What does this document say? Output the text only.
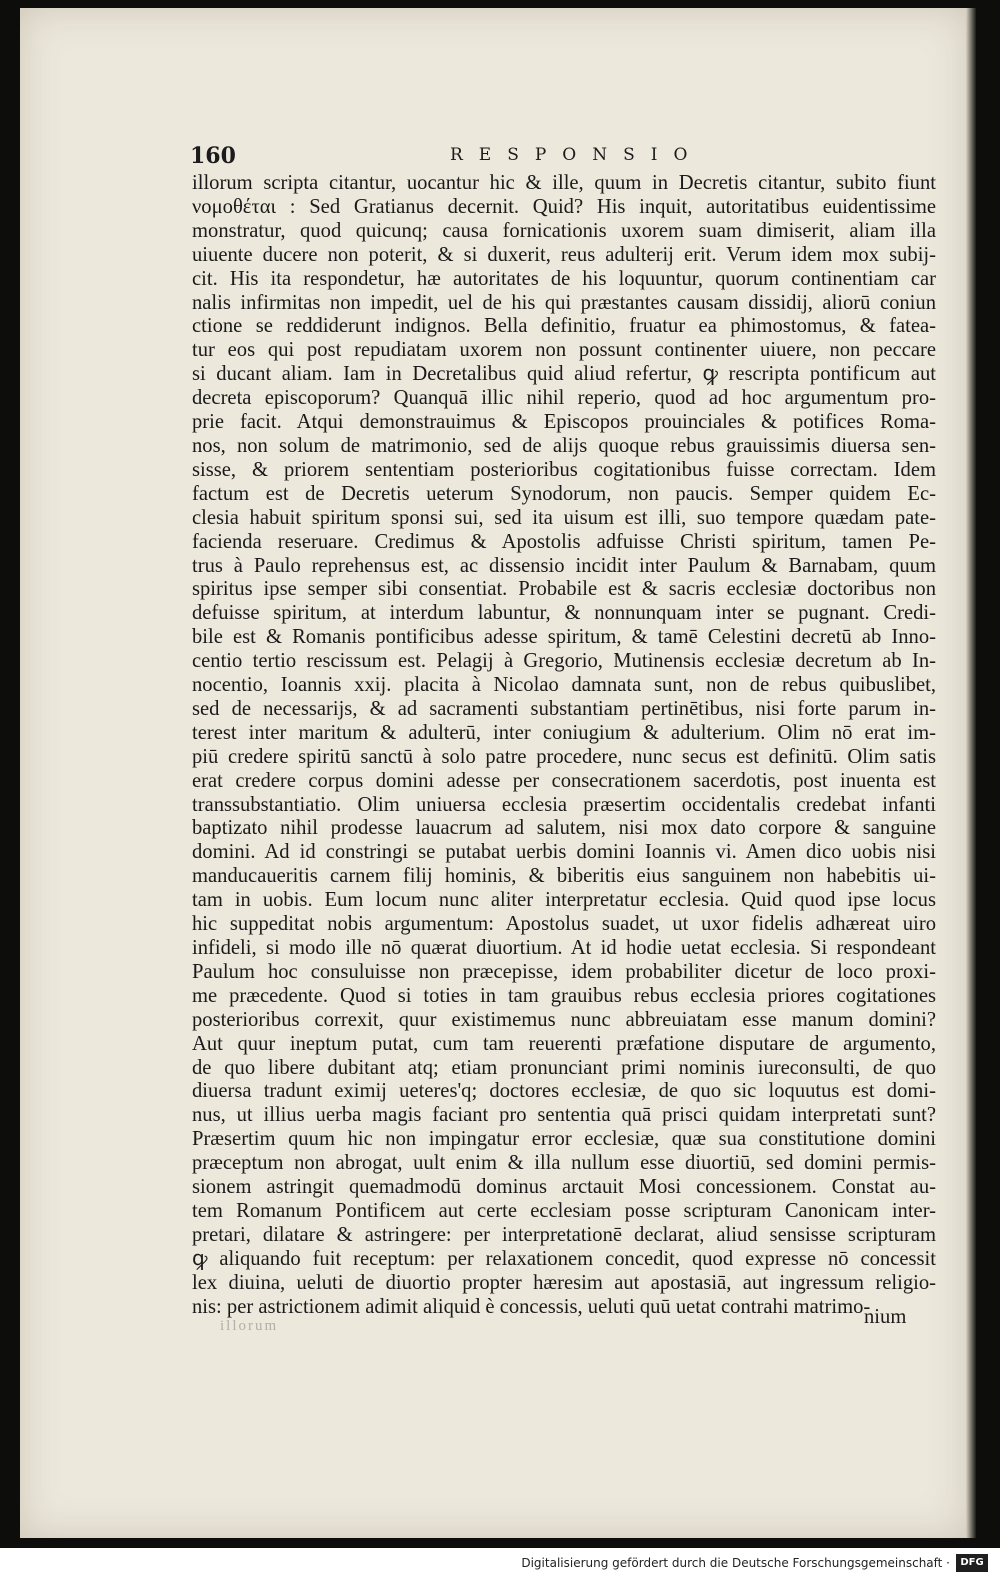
160	RESPONSIO
illorum scripta citantur, uocantur hic & ille, quum in Decretis citantur, subito fiunt
νομοθέται : Sed Gratianus decernit. Quid? His inquit, autoritatibus euidentissime
monstratur, quod quicunq; causa fornicationis uxorem suam dimiserit, aliam illa
uiuente ducere non poterit, & si duxerit, reus adulterij erit. Verum idem mox subij-
cit. His ita respondetur, hæ autoritates de his loquuntur, quorum continentiam car
nalis infirmitas non impedit, uel de his qui præstantes causam dissidij, aliorū coniun
ctione se reddiderunt indignos. Bella definitio, fruatur ea phimostomus, & fatea-
tur eos qui post repudiatam uxorem non possunt continenter uiuere, non peccare
si ducant aliam. Iam in Decretalibus quid aliud refertur, ꝙ rescripta pontificum aut
decreta episcoporum? Quanquā illic nihil reperio, quod ad hoc argumentum pro-
prie facit. Atqui demonstrauimus & Episcopos prouinciales & potifices Roma-
nos, non solum de matrimonio, sed de alijs quoque rebus grauissimis diuersa sen-
sisse, & priorem sententiam posterioribus cogitationibus fuisse correctam. Idem
factum est de Decretis ueterum Synodorum, non paucis. Semper quidem Ec-
clesia habuit spiritum sponsi sui, sed ita uisum est illi, suo tempore quædam pate-
facienda reseruare. Credimus & Apostolis adfuisse Christi spiritum, tamen Pe-
trus à Paulo reprehensus est, ac dissensio incidit inter Paulum & Barnabam, quum
spiritus ipse semper sibi consentiat. Probabile est & sacris ecclesiæ doctoribus non
defuisse spiritum, at interdum labuntur, & nonnunquam inter se pugnant. Credi-
bile est & Romanis pontificibus adesse spiritum, & tamē Celestini decretū ab Inno-
centio tertio rescissum est. Pelagij à Gregorio, Mutinensis ecclesiæ decretum ab In-
nocentio, Ioannis xxij. placita à Nicolao damnata sunt, non de rebus quibuslibet,
sed de necessarijs, & ad sacramenti substantiam pertinētibus, nisi forte parum in-
terest inter maritum & adulterū, inter coniugium & adulterium. Olim nō erat im-
piū credere spiritū sanctū à solo patre procedere, nunc secus est definitū. Olim satis
erat credere corpus domini adesse per consecrationem sacerdotis, post inuenta est
transsubstantiatio. Olim uniuersa ecclesia præsertim occidentalis credebat infanti
baptizato nihil prodesse lauacrum ad salutem, nisi mox dato corpore & sanguine
domini. Ad id constringi se putabat uerbis domini Ioannis vi. Amen dico uobis nisi
manducaueritis carnem filij hominis, & biberitis eius sanguinem non habebitis ui-
tam in uobis. Eum locum nunc aliter interpretatur ecclesia. Quid quod ipse locus
hic suppeditat nobis argumentum: Apostolus suadet, ut uxor fidelis adhæreat uiro
infideli, si modo ille nō quærat diuortium. At id hodie uetat ecclesia. Si respondeant
Paulum hoc consuluisse non præcepisse, idem probabiliter dicetur de loco proxi-
me præcedente. Quod si toties in tam grauibus rebus ecclesia priores cogitationes
posterioribus correxit, quur existimemus nunc abbreuiatam esse manum domini?
Aut quur ineptum putat, cum tam reuerenti præfatione disputare de argumento,
de quo libere dubitant atq; etiam pronunciant primi nominis iureconsulti, de quo
diuersa tradunt eximij ueteres'q; doctores ecclesiæ, de quo sic loquutus est domi-
nus, ut illius uerba magis faciant pro sententia quā prisci quidam interpretati sunt?
Præsertim quum hic non impingatur error ecclesiæ, quæ sua constitutione domini
præceptum non abrogat, uult enim & illa nullum esse diuortiū, sed domini permis-
sionem astringit quemadmodū dominus arctauit Mosi concessionem. Constat au-
tem Romanum Pontificem aut certe ecclesiam posse scripturam Canonicam inter-
pretari, dilatare & astringere: per interpretationē declarat, aliud sensisse scripturam
ꝙ aliquando fuit receptum: per relaxationem concedit, quod expresse nō concessit
lex diuina, ueluti de diuortio propter hæresim aut apostasiā, aut ingressum religio-
nis: per astrictionem adimit aliquid è concessis, ueluti quū uetat contrahi matrimo-
illorum	nium
Digitalisierung gefördert durch die Deutsche Forschungsgemeinschaft ·	DFG
